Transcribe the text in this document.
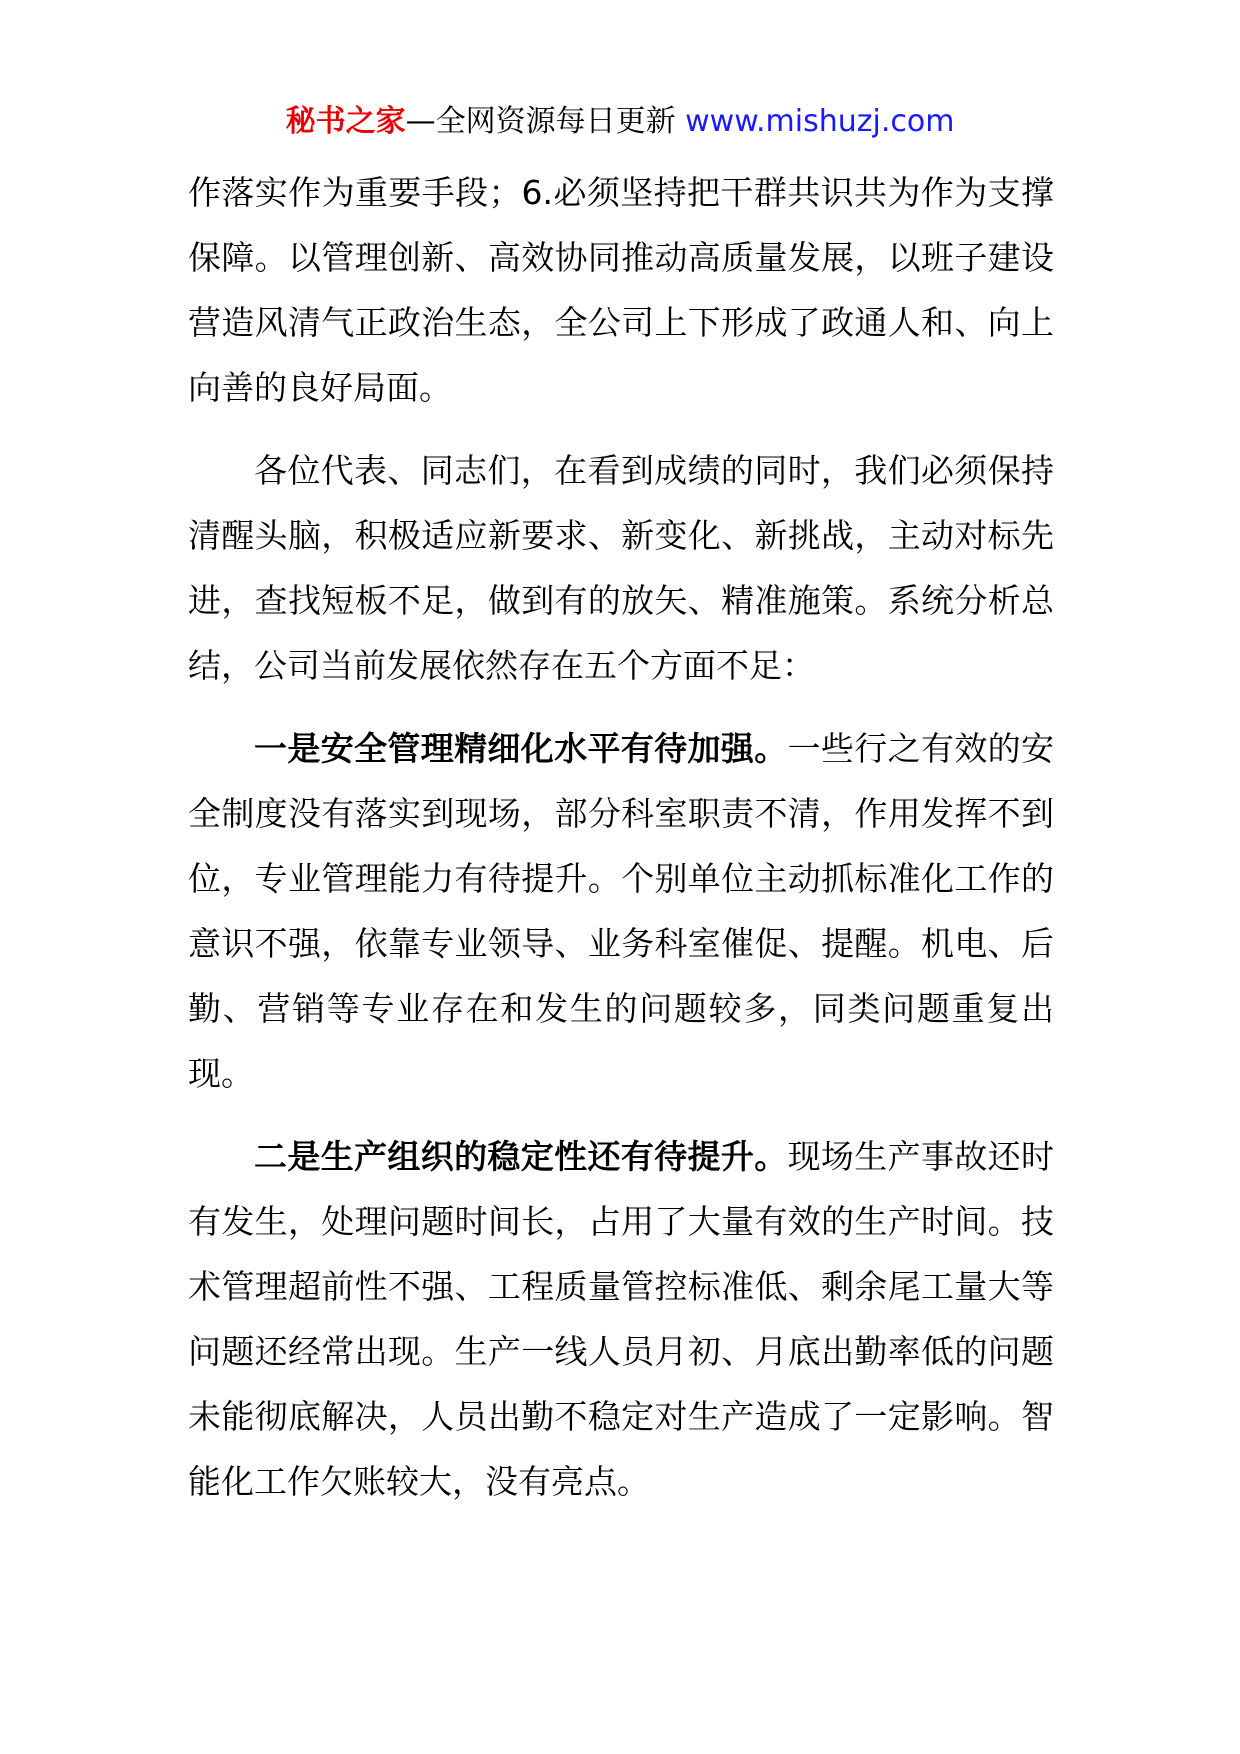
秘书之家—全网资源每日更新 www.mishuzj.com

作落实作为重要手段；6.必须坚持把干群共识共为作为支撑保障。以管理创新、高效协同推动高质量发展，以班子建设营造风清气正政治生态，全公司上下形成了政通人和、向上向善的良好局面。

各位代表、同志们，在看到成绩的同时，我们必须保持清醒头脑，积极适应新要求、新变化、新挑战，主动对标先进，查找短板不足，做到有的放矢、精准施策。系统分析总结，公司当前发展依然存在五个方面不足：

一是安全管理精细化水平有待加强。一些行之有效的安全制度没有落实到现场，部分科室职责不清，作用发挥不到位，专业管理能力有待提升。个别单位主动抓标准化工作的意识不强，依靠专业领导、业务科室催促、提醒。机电、后勤、营销等专业存在和发生的问题较多，同类问题重复出现。

二是生产组织的稳定性还有待提升。现场生产事故还时有发生，处理问题时间长，占用了大量有效的生产时间。技术管理超前性不强、工程质量管控标准低、剩余尾工量大等问题还经常出现。生产一线人员月初、月底出勤率低的问题未能彻底解决，人员出勤不稳定对生产造成了一定影响。智能化工作欠账较大，没有亮点。
